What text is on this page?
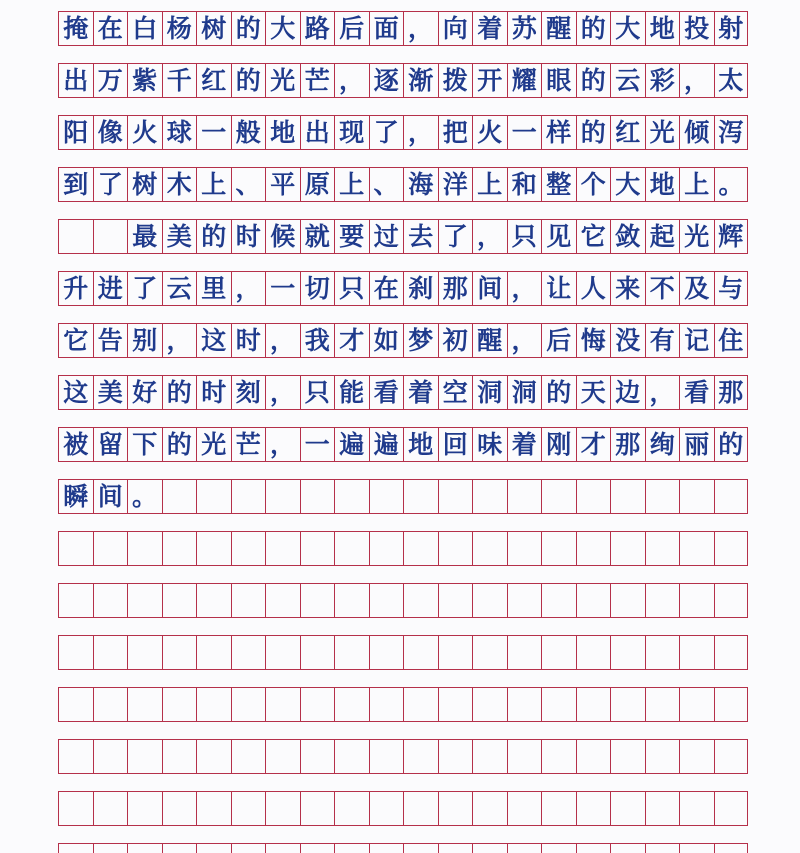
掩 在 白 杨 树 的 大 路 后 面 ， 向 着 苏 醒 的 大 地 投 射
出 万 紫 千 红 的 光 芒 ， 逐 渐 拨 开 耀 眼 的 云 彩 ， 太
阳 像 火 球 一 般 地 出 现 了 ， 把 火 一 样 的 红 光 倾 泻
到 了 树 木 上 、 平 原 上 、 海 洋 上 和 整 个 大 地 上 。
最 美 的 时 候 就 要 过 去 了 ， 只 见 它 敛 起 光 辉
升 进 了 云 里 ， 一 切 只 在 刹 那 间 ， 让 人 来 不 及 与
它 告 别 ， 这 时 ， 我 才 如 梦 初 醒 ， 后 悔 没 有 记 住
这 美 好 的 时 刻 ， 只 能 看 着 空 洞 洞 的 天 边 ， 看 那
被 留 下 的 光 芒 ， 一 遍 遍 地 回 味 着 刚 才 那 绚 丽 的
瞬 间 。
